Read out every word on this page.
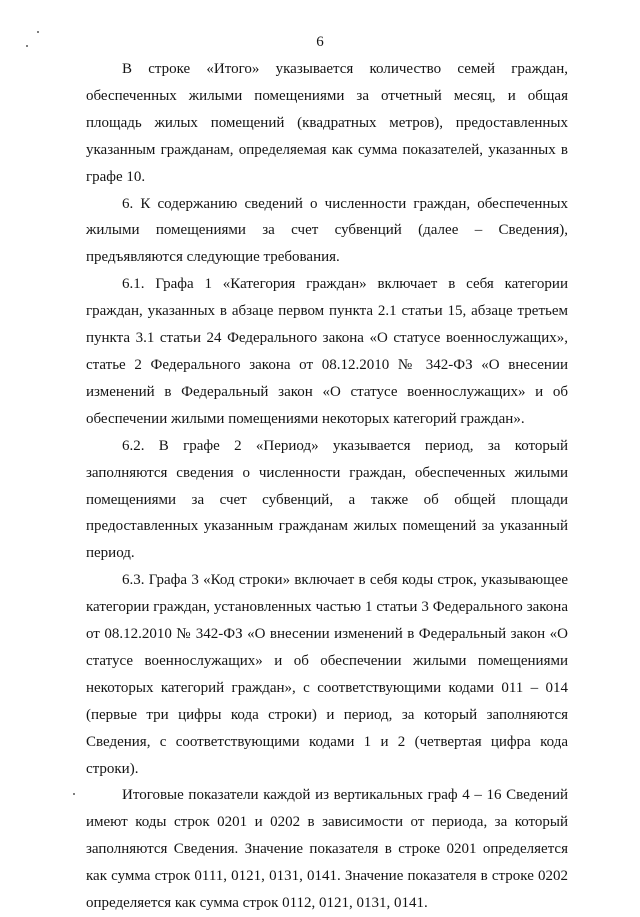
6

В строке «Итого» указывается количество семей граждан, обеспеченных жилыми помещениями за отчетный месяц, и общая площадь жилых помещений (квадратных метров), предоставленных указанным гражданам, определяемая как сумма показателей, указанных в графе 10.

6. К содержанию сведений о численности граждан, обеспеченных жилыми помещениями за счет субвенций (далее – Сведения), предъявляются следующие требования.

6.1. Графа 1 «Категория граждан» включает в себя категории граждан, указанных в абзаце первом пункта 2.1 статьи 15, абзаце третьем пункта 3.1 статьи 24 Федерального закона «О статусе военнослужащих», статье 2 Федерального закона от 08.12.2010 № 342-ФЗ «О внесении изменений в Федеральный закон «О статусе военнослужащих» и об обеспечении жилыми помещениями некоторых категорий граждан».

6.2. В графе 2 «Период» указывается период, за который заполняются сведения о численности граждан, обеспеченных жилыми помещениями за счет субвенций, а также об общей площади предоставленных указанным гражданам жилых помещений за указанный период.

6.3. Графа 3 «Код строки» включает в себя коды строк, указывающее категории граждан, установленных частью 1 статьи 3 Федерального закона от 08.12.2010 № 342-ФЗ «О внесении изменений в Федеральный закон «О статусе военнослужащих» и об обеспечении жилыми помещениями некоторых категорий граждан», с соответствующими кодами 011 – 014 (первые три цифры кода строки) и период, за который заполняются Сведения, с соответствующими кодами 1 и 2 (четвертая цифра кода строки).

Итоговые показатели каждой из вертикальных граф 4 – 16 Сведений имеют коды строк 0201 и 0202 в зависимости от периода, за который заполняются Сведения. Значение показателя в строке 0201 определяется как сумма строк 0111, 0121, 0131, 0141. Значение показателя в строке 0202 определяется как сумма строк 0112, 0121, 0131, 0141.
